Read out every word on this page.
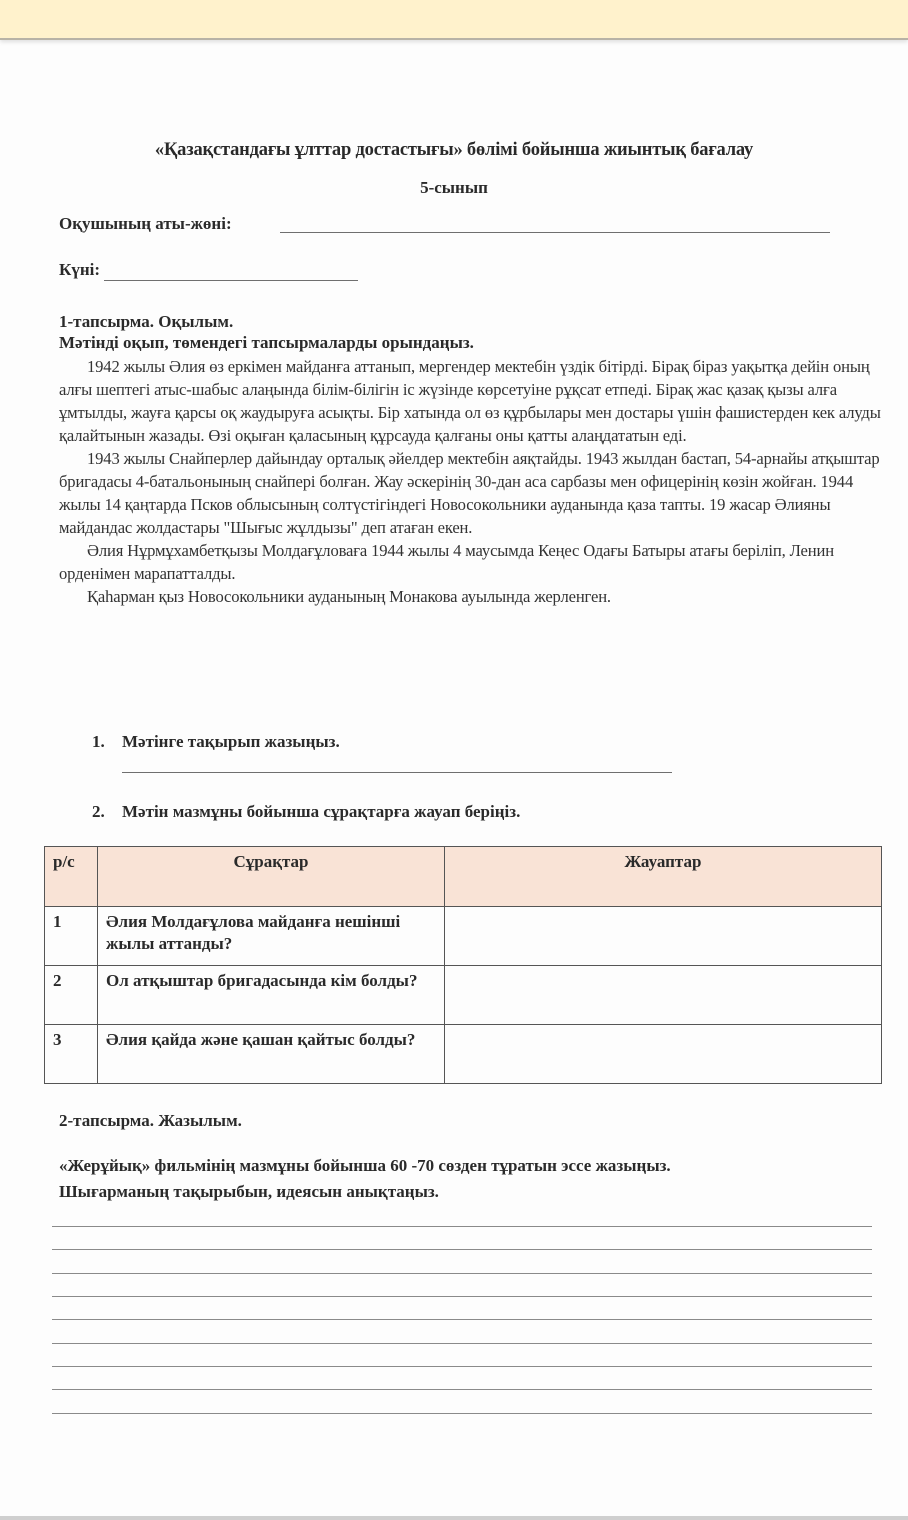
«Қазақстандағы ұлттар достастығы» бөлімі бойынша жиынтық бағалау
5-сынып
Оқушының аты-жөні:
Күні:
1-тапсырма. Оқылым.
Мәтінді оқып, төмендегі тапсырмаларды орындаңыз.

1942 жылы Әлия өз еркімен майданға аттанып, мергендер мектебін үздік бітірді. Бірақ біраз уақытқа дейін оның алғы шептегі атыс-шабыс алаңында білім-білігін іс жүзінде көрсетуіне рұқсат етпеді. Бірақ жас қазақ қызы алға ұмтылды, жауға қарсы оқ жаудыруға асықты. Бір хатында ол өз құрбылары мен достары үшін фашистерден кек алуды қалайтынын жазады. Өзі оқыған қаласының құрсауда қалғаны оны қатты алаңдататын еді.

1943 жылы Снайперлер дайындау орталық әйелдер мектебін аяқтайды. 1943 жылдан бастап, 54-арнайы атқыштар бригадасы 4-батальонының снайпері болған. Жау әскерінің 30-дан аса сарбазы мен офицерінің көзін жойған. 1944 жылы 14 қаңтарда Псков облысының солтүстігіндегі Новосокольники ауданында қаза тапты. 19 жасар Әлияны майдандас жолдастары "Шығыс жұлдызы" деп атаған екен.

Әлия Нұрмұхамбетқызы Молдағұловаға 1944 жылы 4 маусымда Кеңес Одағы Батыры атағы беріліп, Ленин орденімен марапатталды.

Қаһарман қыз Новосокольники ауданының Монакова ауылында жерленген.

1. Мәтінге тақырып жазыңыз.
2. Мәтін мазмұны бойынша сұрақтарға жауап беріңіз.
р/с	Сұрақтар	Жауаптар
1	Әлия Молдағұлова майданға нешінші жылы аттанды?	
2	Ол атқыштар бригадасында кім болды?	
3	Әлия қайда және қашан қайтыс болды?	
2-тапсырма. Жазылым.
«Жерұйық» фильмінің мазмұны бойынша 60 -70 сөзден тұратын эссе жазыңыз.
Шығарманың тақырыбын, идеясын анықтаңыз.
